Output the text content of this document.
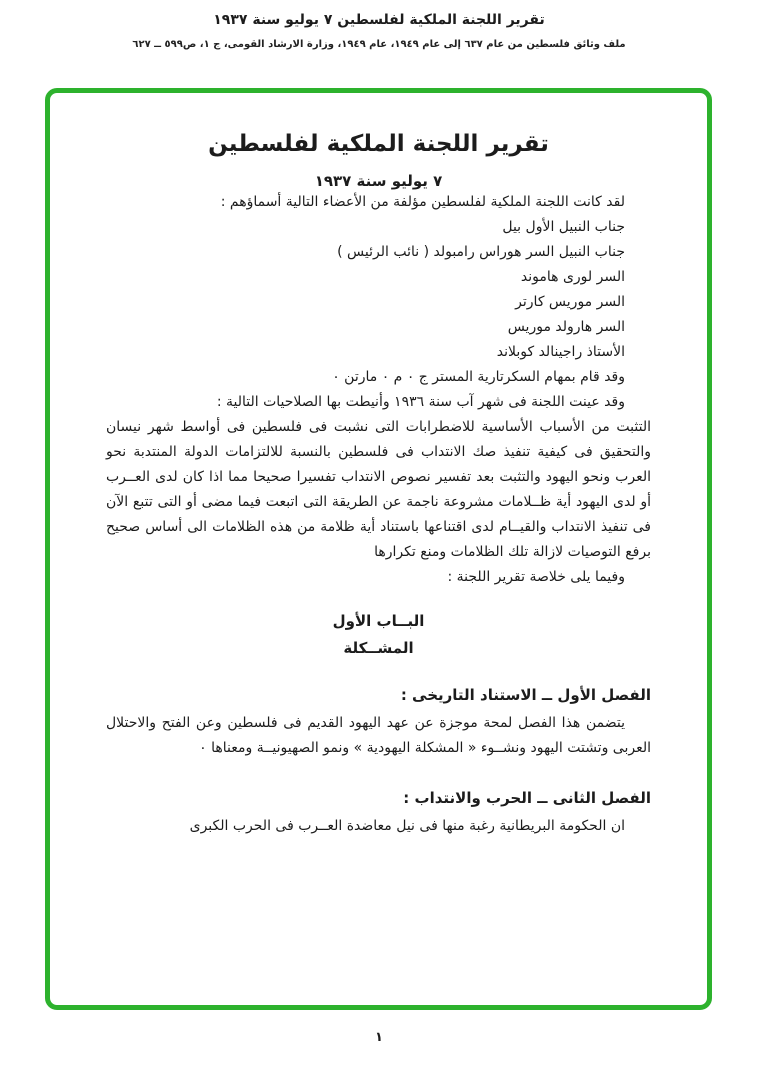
تقرير اللجنة الملكية لفلسطين ٧ يوليو سنة ١٩٣٧
ملف وثائق فلسطين من عام ٦٣٧ إلى عام ١٩٤٩، عام ١٩٤٩، وزارة الارشاد القومى، ج ١، ص٥٩٩ ــ ٦٢٧
تقرير اللجنة الملكية لفلسطين
٧ يوليو سنة ١٩٣٧

لقد كانت اللجنة الملكية لفلسطين مؤلفة من الأعضاء التالية أسماؤهم :

جناب النبيل الأول بيل
جناب النبيل السر هوراس رامبولد ( نائب الرئيس )
السر لورى هاموند
السر موريس كارتر
السر هارولد موريس
الأستاذ راجينالد كوبلاند

وقد قام بمهام السكرتارية المستر ج ٠ م ٠ مارتن ٠

وقد عينت اللجنة فى شهر آب سنة ١٩٣٦ وأنيطت بها الصلاحيات التالية :

التثبت من الأسباب الأساسية للاضطرابات التى نشبت فى فلسطين فى أواسط شهر نيسان والتحقيق فى كيفية تنفيذ صك الانتداب فى فلسطين بالنسبة للالتزامات الدولة المنتدبة نحو العرب ونحو اليهود والتثبت بعد تفسير نصوص الانتداب تفسيرا صحيحا مما اذا كان لدى العــرب أو لدى اليهود أية ظــلامات مشروعة ناجمة عن الطريقة التى اتبعت فيما مضى أو التى تتبع الآن فى تنفيذ الانتداب والقيــام لدى اقتناعها باستناد أية ظلامة من هذه الظلامات الى أساس صحيح برفع التوصيات لازالة تلك الظلامات ومنع تكرارها

وفيما يلى خلاصة تقرير اللجنة :

البــاب الأول
المشــكلة
الفصل الأول ــ الاستناد التاريخى :

يتضمن هذا الفصل لمحة موجزة عن عهد اليهود القديم فى فلسطين وعن الفتح والاحتلال العربى وتشتت اليهود ونشــوء « المشكلة اليهودية » ونمو الصهيونيــة ومعناها ٠

الفصل الثانى ــ الحرب والانتداب :

ان الحكومة البريطانية رغبة منها فى نيل معاضدة العــرب فى الحرب الكبرى

١
